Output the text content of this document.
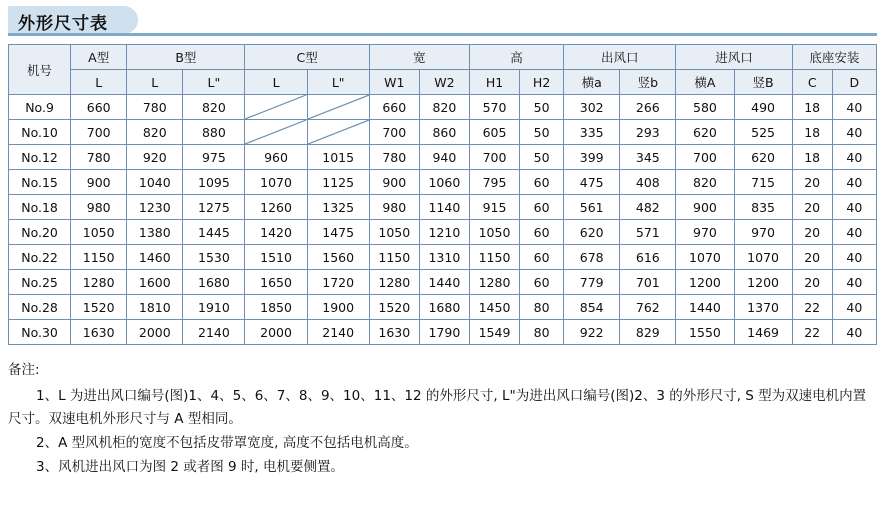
外形尺寸表
机号	A型	B型		C型		宽		高		出风口		进风口		底座安装	
	L	L	L"	L	L"	W1	W2	H1	H2	横a	竖b	横A	竖B	C	D
No.9	660	780	820			660	820	570	50	302	266	580	490	18	40
No.10	700	820	880			700	860	605	50	335	293	620	525	18	40
No.12	780	920	975	960	1015	780	940	700	50	399	345	700	620	18	40
No.15	900	1040	1095	1070	1125	900	1060	795	60	475	408	820	715	20	40
No.18	980	1230	1275	1260	1325	980	1140	915	60	561	482	900	835	20	40
No.20	1050	1380	1445	1420	1475	1050	1210	1050	60	620	571	970	970	20	40
No.22	1150	1460	1530	1510	1560	1150	1310	1150	60	678	616	1070	1070	20	40
No.25	1280	1600	1680	1650	1720	1280	1440	1280	60	779	701	1200	1200	20	40
No.28	1520	1810	1910	1850	1900	1520	1680	1450	80	854	762	1440	1370	22	40
No.30	1630	2000	2140	2000	2140	1630	1790	1549	80	922	829	1550	1469	22	40

备注:

1、L 为进出风口编号(图)1、4、5、6、7、8、9、10、11、12 的外形尺寸, L"为进出风口编号(图)2、3 的外形尺寸, S 型为双速电机内置尺寸。双速电机外形尺寸与 A 型相同。

2、A 型风机柜的宽度不包括皮带罩宽度, 高度不包括电机高度。

3、风机进出风口为图 2 或者图 9 时, 电机要侧置。
